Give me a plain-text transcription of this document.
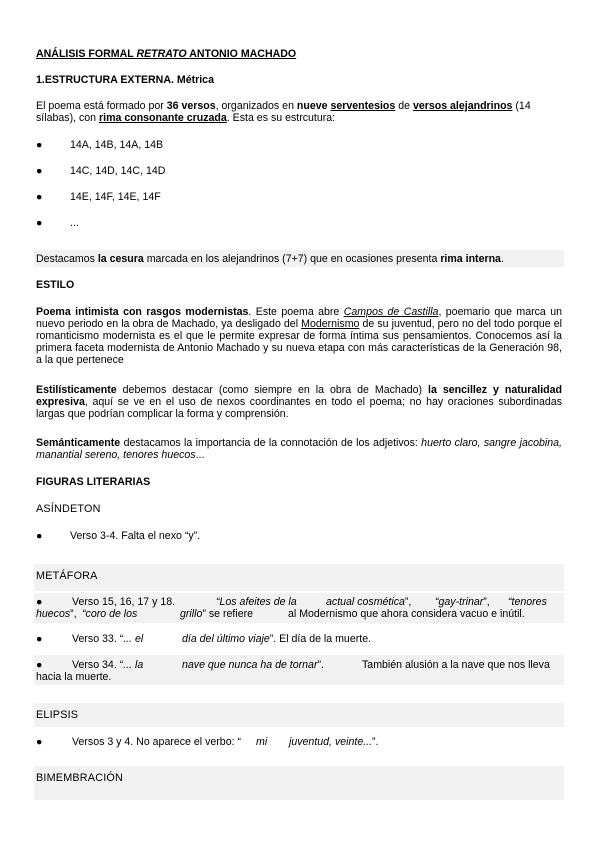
ANÁLISIS FORMAL RETRATO ANTONIO MACHADO
1.ESTRUCTURA EXTERNA. Métrica
El poema está formado por 36 versos, organizados en nueve serventesios de versos alejandrinos (14
sílabas), con rima consonante cruzada. Esta es su estrcutura:
●	14A, 14B, 14A, 14B
●	14C, 14D, 14C, 14D
●	14E, 14F, 14E, 14F
●	...
Destacamos la cesura marcada en los alejandrinos (7+7) que en ocasiones presenta rima interna.
ESTILO
Poema intimista con rasgos modernistas. Este poema abre Campos de Castilla, poemario que marca un nuevo periodo en la obra de Machado, ya desligado del Modernismo de su juventud, pero no del todo porque el romanticismo modernista es el que le permite expresar de forma íntima sus pensamientos. Conocemos así la primera faceta modernista de Antonio Machado y su nueva etapa con más características de la Generación 98, a la que pertenece
Estilísticamente debemos destacar (como siempre en la obra de Machado) la sencillez y naturalidad expresiva, aquí se ve en el uso de nexos coordinantes en todo el poema; no hay oraciones subordinadas largas que podrían complicar la forma y comprensión.
Semánticamente destacamos la importancia de la connotación de los adjetivos: huerto claro, sangre jacobina, manantial sereno, tenores huecos...
FIGURAS LITERARIAS
ASÍNDETON
●	Verso 3-4. Falta el nexo “y”.
METÁFORA
●	Verso 15, 16, 17 y 18.	“Los afeites de la	actual cosmética”, “gay-trinar”, “tenores
huecos”, “coro de los	grillo” se refiere	al Modernismo que ahora considera vacuo e inútil.
●	Verso 33. “... el	día del último viaje”. El día de la muerte.
●	Verso 34. “... la	nave que nunca ha de tornar”.	También alusión a la nave que nos lleva
hacia la muerte.
ELIPSIS
●	Versos 3 y 4. No aparece el verbo: “ mi juventud, veinte...”.
BIMEMBRACIÓN
